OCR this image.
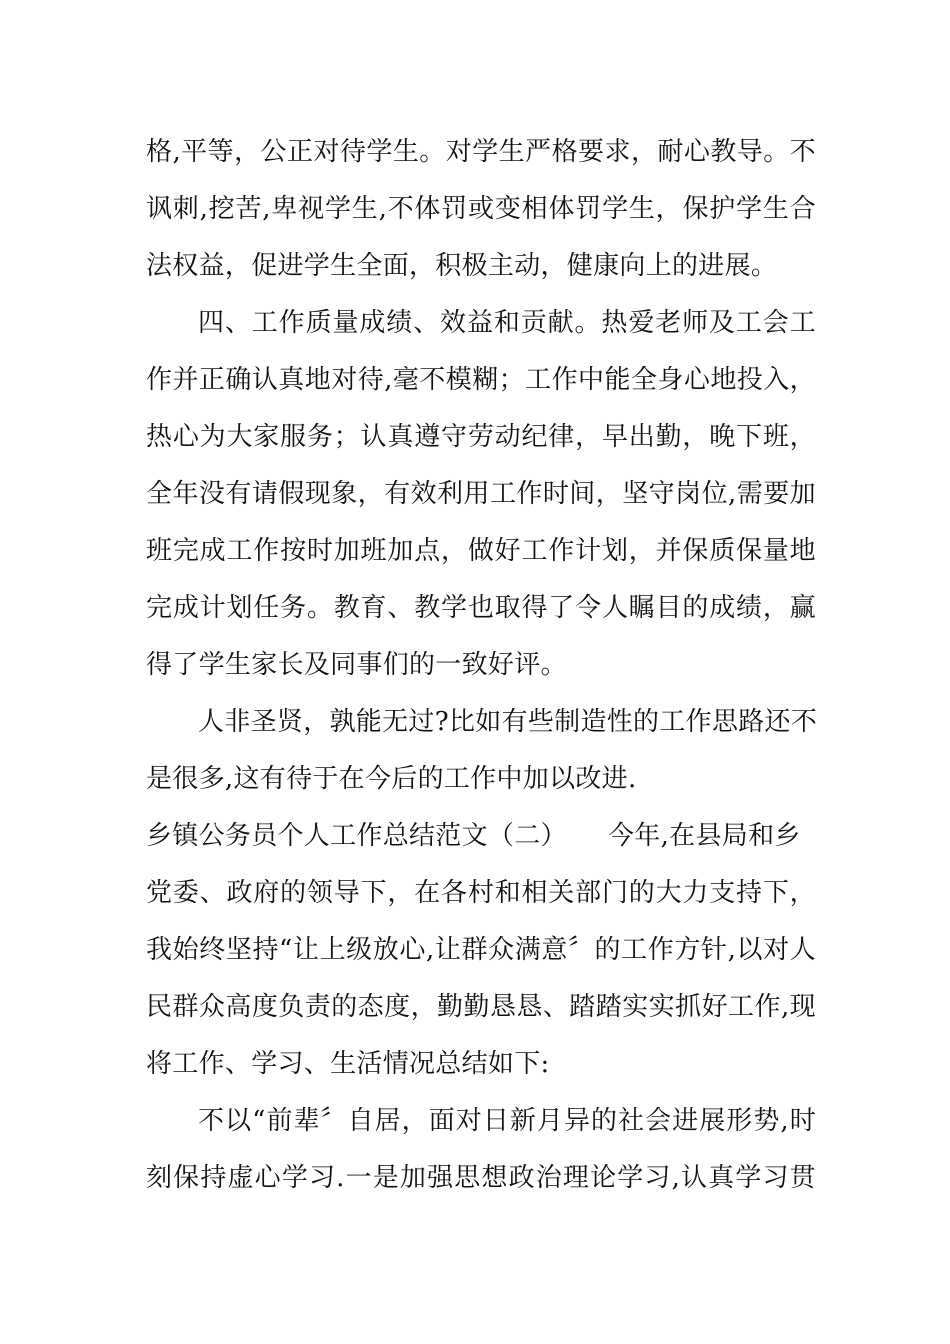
格,平等，公正对待学生。对学生严格要求，耐心教导。不
讽刺,挖苦,卑视学生,不体罚或变相体罚学生，保护学生合
法权益，促进学生全面，积极主动，健康向上的进展。
四、工作质量成绩、效益和贡献。热爱老师及工会工
作并正确认真地对待,毫不模糊；工作中能全身心地投入，
热心为大家服务；认真遵守劳动纪律，早出勤，晚下班，
全年没有请假现象，有效利用工作时间，坚守岗位,需要加
班完成工作按时加班加点，做好工作计划，并保质保量地
完成计划任务。教育、教学也取得了令人瞩目的成绩，赢
得了学生家长及同事们的一致好评。
人非圣贤，孰能无过?比如有些制造性的工作思路还不
是很多,这有待于在今后的工作中加以改进.
乡镇公务员个人工作总结范文（二） 今年,在县局和乡
党委、政府的领导下，在各村和相关部门的大力支持下，
我始终坚持“让上级放心,让群众满意〞的工作方针,以对人
民群众高度负责的态度，勤勤恳恳、踏踏实实抓好工作,现
将工作、学习、生活情况总结如下:
不以“前辈〞自居，面对日新月异的社会进展形势,时
刻保持虚心学习.一是加强思想政治理论学习,认真学习贯
